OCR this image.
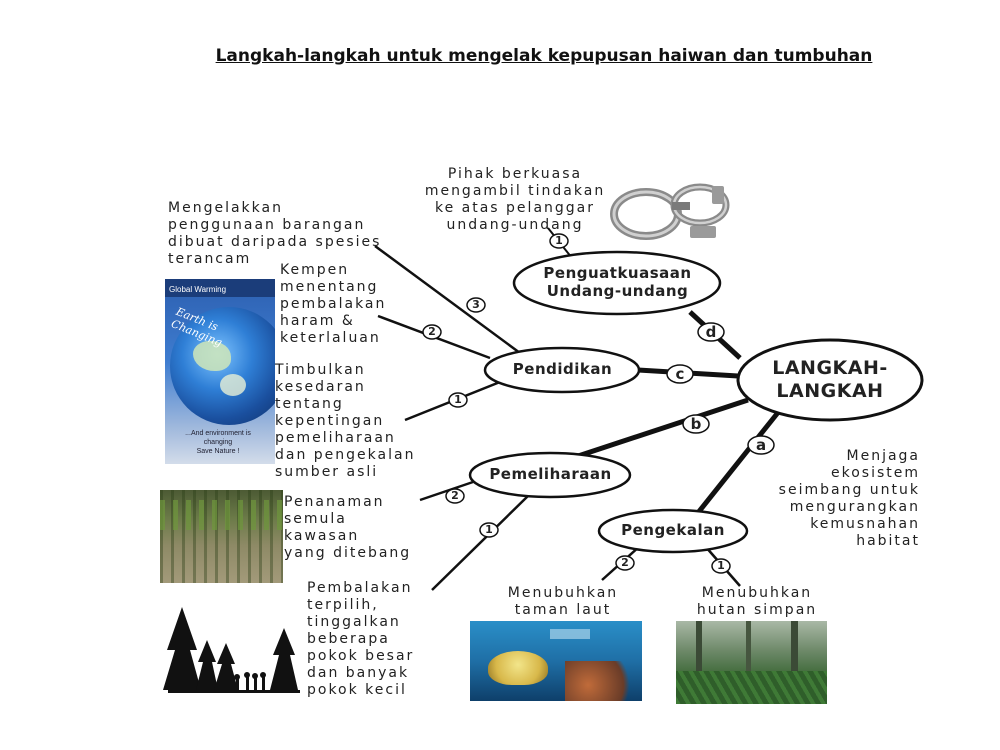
Langkah-langkah untuk mengelak kepupusan haiwan dan tumbuhan
Global Warming
Earth is Changing
...And environment is
changing
Save Nature !
Penguatkuasaan
Undang-undang
Pendidikan
Pemeliharaan
Pengekalan
LANGKAH-
LANGKAH
d
c
b
a
1
3
2
1
2
1
2	1
Pihak berkuasa
mengambil tindakan
ke atas pelanggar
undang-undang
Mengelakkan
penggunaan barangan
dibuat daripada spesies
terancam
Kempen
menentang
pembalakan
haram &
keterlaluan
Timbulkan
kesedaran
tentang
kepentingan
pemeliharaan
dan pengekalan
sumber asli
Penanaman
semula
kawasan
yang ditebang
Pembalakan
terpilih,
tinggalkan
beberapa
pokok besar
dan banyak
pokok kecil
Menjaga
ekosistem
seimbang untuk
mengurangkan
kemusnahan
habitat
Menubuhkan
taman laut
Menubuhkan
hutan simpan
